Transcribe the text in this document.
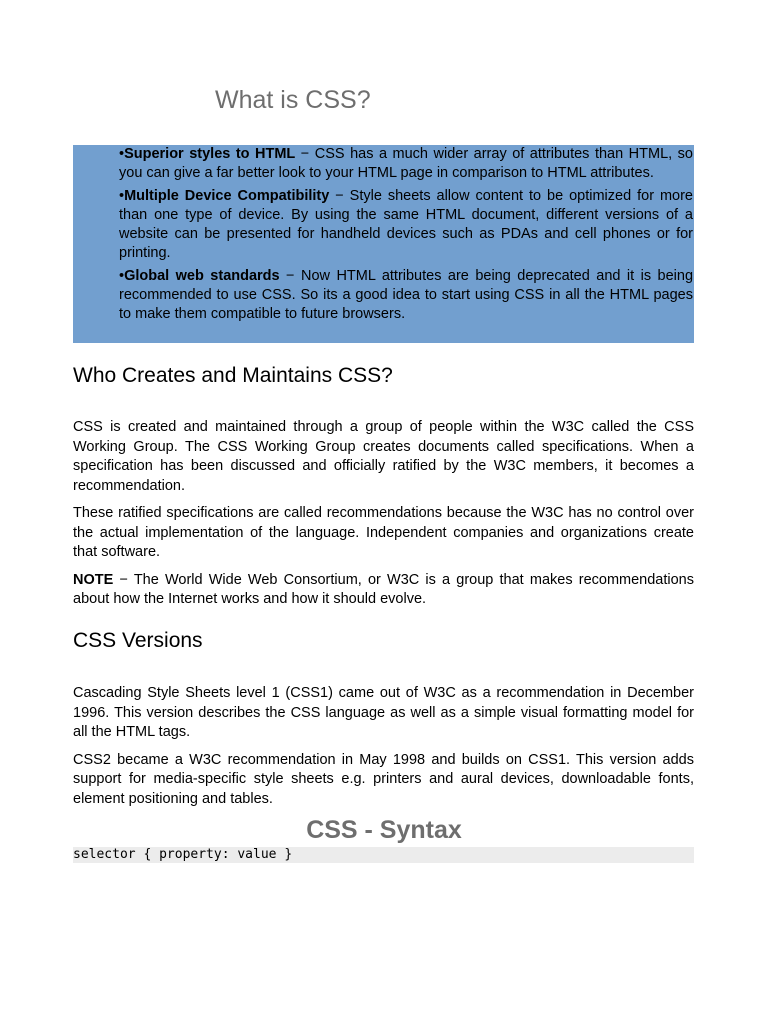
What is CSS?
•Superior styles to HTML − CSS has a much wider array of attributes than HTML, so you can give a far better look to your HTML page in comparison to HTML attributes.
•Multiple Device Compatibility − Style sheets allow content to be optimized for more than one type of device. By using the same HTML document, different versions of a website can be presented for handheld devices such as PDAs and cell phones or for printing.
•Global web standards − Now HTML attributes are being deprecated and it is being recommended to use CSS. So its a good idea to start using CSS in all the HTML pages to make them compatible to future browsers.
Who Creates and Maintains CSS?

CSS is created and maintained through a group of people within the W3C called the CSS Working Group. The CSS Working Group creates documents called specifications. When a specification has been discussed and officially ratified by the W3C members, it becomes a recommendation.

These ratified specifications are called recommendations because the W3C has no control over the actual implementation of the language. Independent companies and organizations create that software.

NOTE − The World Wide Web Consortium, or W3C is a group that makes recommendations about how the Internet works and how it should evolve.

CSS Versions

Cascading Style Sheets level 1 (CSS1) came out of W3C as a recommendation in December 1996. This version describes the CSS language as well as a simple visual formatting model for all the HTML tags.

CSS2 became a W3C recommendation in May 1998 and builds on CSS1. This version adds support for media-specific style sheets e.g. printers and aural devices, downloadable fonts, element positioning and tables.

CSS - Syntax
selector { property: value }
